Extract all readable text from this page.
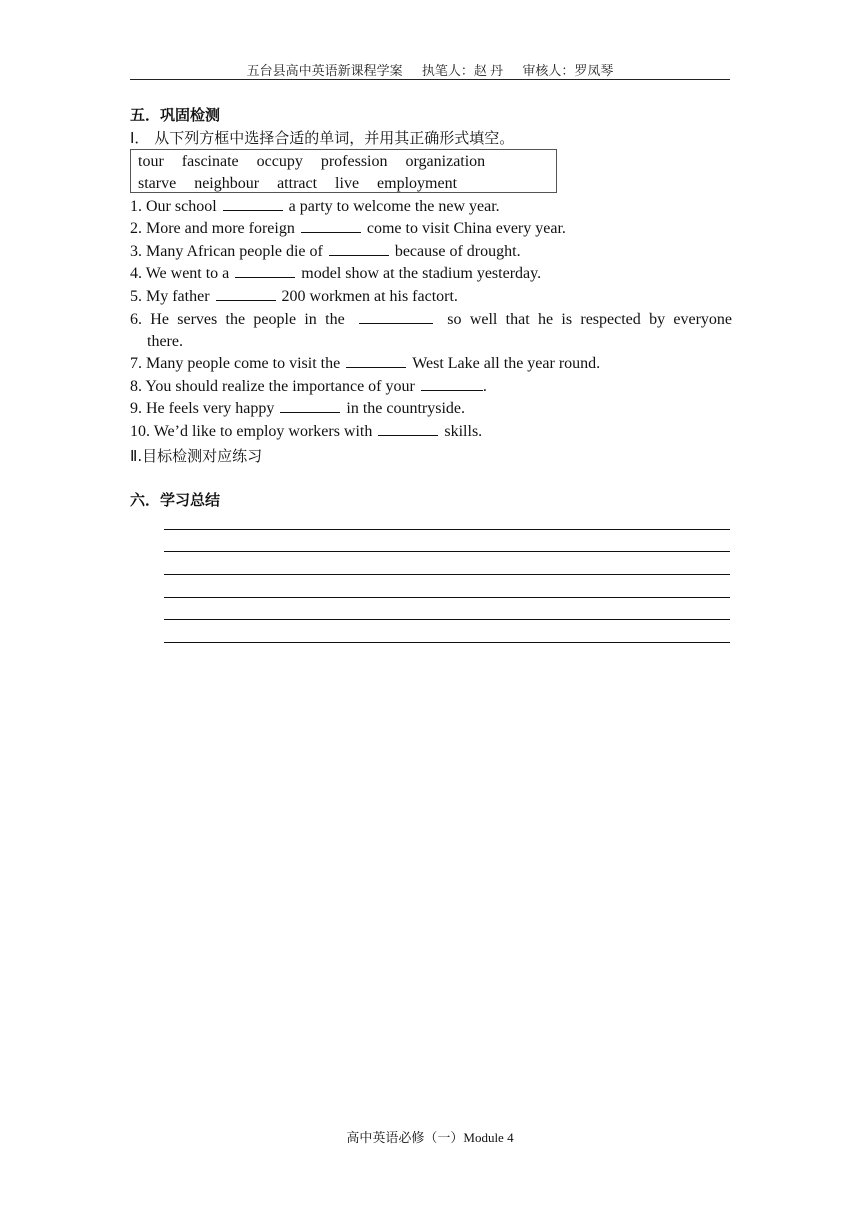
五台县高中英语新课程学案 执笔人：赵 丹 审核人：罗凤琴
五．巩固检测
Ⅰ． 从下列方框中选择合适的单词，并用其正确形式填空。
tour fascinate occupy profession organization
starve neighbour attract live employment
1. Our school	a party to welcome the new year.
2. More and more foreign	come to visit China every year.
3. Many African people die of	because of drought.
4. We went to a	model show at the stadium yesterday.
5. My father	200 workmen at his factort.
6. He serves the people in the	so well that he is respected by everyone
there.
7. Many people come to visit the	West Lake all the year round.
8. You should realize the importance of your	.
9. He feels very happy	in the countryside.
10. We’d like to employ workers with	skills.
Ⅱ.目标检测对应练习
六．学习总结
高中英语必修（一）Module 4
